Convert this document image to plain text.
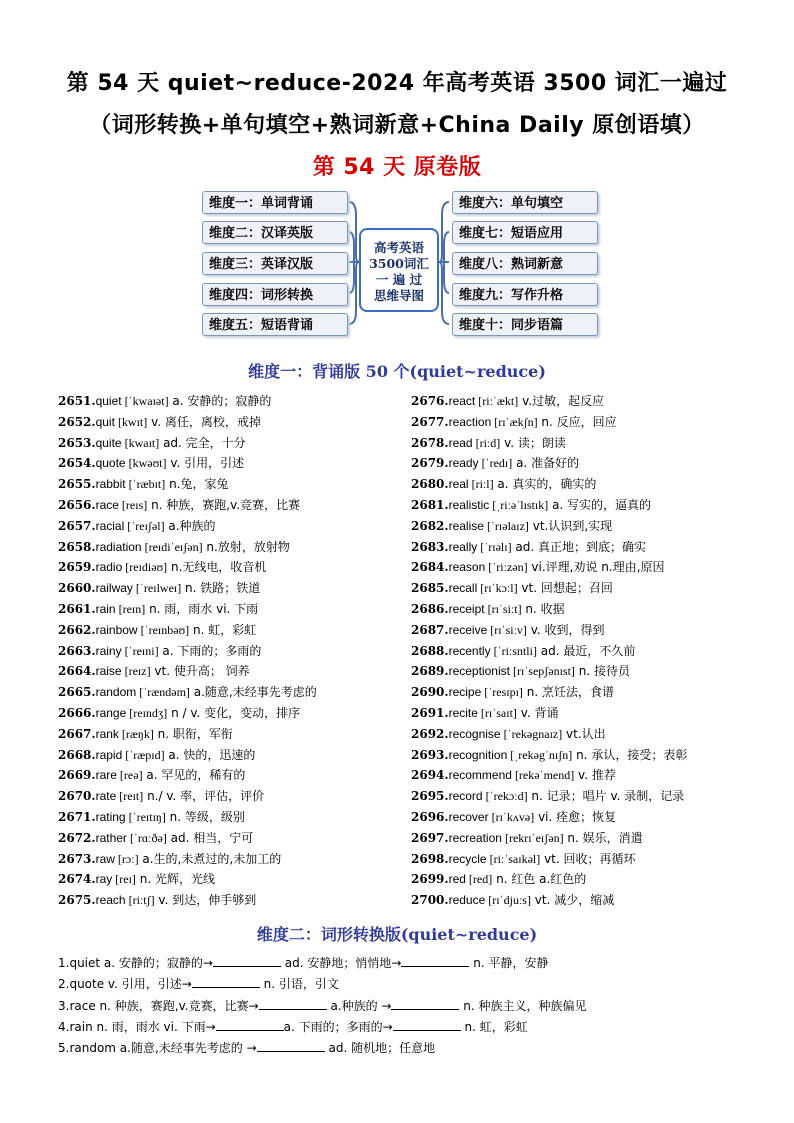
第 54 天 quiet~reduce-2024 年高考英语 3500 词汇一遍过
（词形转换+单句填空+熟词新意+China Daily 原创语填）
第 54 天 原卷版
维度一：单词背诵
维度二：汉译英版
维度三：英译汉版
维度四：词形转换
维度五：短语背诵
维度六：单句填空
维度七：短语应用
维度八：熟词新意
维度九：写作升格
维度十：同步语篇
高考英语
3500词汇
一 遍 过
思维导图
维度一：背诵版 50 个(quiet~reduce)
2651.quiet [ˈkwaɪət] a. 安静的；寂静的
2652.quit [kwɪt] v. 离任，离校，戒掉
2653.quite [kwaɪt] ad. 完全，十分
2654.quote [kwəʊt] v. 引用，引述
2655.rabbit [ˈræbɪt] n.兔，家兔
2656.race [reɪs] n. 种族，赛跑,v.竞赛，比赛
2657.racial [ˈreɪʃəl] a.种族的
2658.radiation [reɪdiˈeɪʃən] n.放射，放射物
2659.radio [reɪdiəʊ] n.无线电，收音机
2660.railway [ˈreɪlweɪ] n. 铁路；铁道
2661.rain [reɪn] n. 雨，雨水 vi. 下雨
2662.rainbow [ˈreɪnbəʊ] n. 虹，彩虹
2663.rainy [ˈreɪni] a. 下雨的；多雨的
2664.raise [reɪz] vt. 使升高； 饲养
2665.random [ˈrændəm] a.随意,未经事先考虑的
2666.range [reɪndʒ] n / v. 变化，变动，排序
2667.rank [ræŋk] n. 职衔，军衔
2668.rapid [ˈræpɪd] a. 快的，迅速的
2669.rare [reə] a. 罕见的，稀有的
2670.rate [reɪt] n./ v. 率，评估，评价
2671.rating [ˈreɪtɪŋ] n. 等级，级别
2672.rather [ˈrɑːðə] ad. 相当，宁可
2673.raw [rɔː] a.生的,未煮过的,未加工的
2674.ray [reɪ] n. 光辉，光线
2675.reach [riːtʃ] v. 到达，伸手够到
2676.react [riːˈækt] v.过敏，起反应
2677.reaction [rɪˈækʃn] n. 反应，回应
2678.read [riːd] v. 读；朗读
2679.ready [ˈredɪ] a. 准备好的
2680.real [riːl] a. 真实的，确实的
2681.realistic [ˌriːəˈlɪstɪk] a. 写实的，逼真的
2682.realise [ˈrɪəlaɪz] vt.认识到,实现
2683.really [ˈrɪəlɪ] ad. 真正地；到底；确实
2684.reason [ˈriːzən] vi.评理,劝说 n.理由,原因
2685.recall [rɪˈkɔːl] vt. 回想起；召回
2686.receipt [rɪˈsiːt] n. 收据
2687.receive [rɪˈsiːv] v. 收到，得到
2688.recently [ˈriːsntli] ad. 最近，不久前
2689.receptionist [rɪˈsepʃənɪst] n. 接待员
2690.recipe [ˈresɪpɪ] n. 烹饪法，食谱
2691.recite [rɪˈsaɪt] v. 背诵
2692.recognise [ˈrekəgnaɪz] vt.认出
2693.recognition [ˌrekəgˈnɪʃn] n. 承认，接受；表彰
2694.recommend [rekəˈmend] v. 推荐
2695.record [ˈrekɔːd] n. 记录；唱片 v. 录制，记录
2696.recover [rɪˈkʌvə] vi. 痊愈；恢复
2697.recreation [rekrɪˈeɪʃən] n. 娱乐，消遣
2698.recycle [riːˈsaɪkəl] vt. 回收；再循环
2699.red [red] n. 红色 a.红色的
2700.reduce [rɪˈdjuːs] vt. 减少，缩减
维度二：词形转换版(quiet~reduce)
1.quiet a. 安静的；寂静的→	ad. 安静地；悄悄地→	n. 平静，安静
2.quote v. 引用，引述→	n. 引语，引文
3.race n. 种族，赛跑,v.竞赛，比赛→	a.种族的 →	n. 种族主义，种族偏见
4.rain n. 雨，雨水 vi. 下雨→	a. 下雨的；多雨的→	n. 虹，彩虹
5.random a.随意,未经事先考虑的 →	ad. 随机地；任意地
